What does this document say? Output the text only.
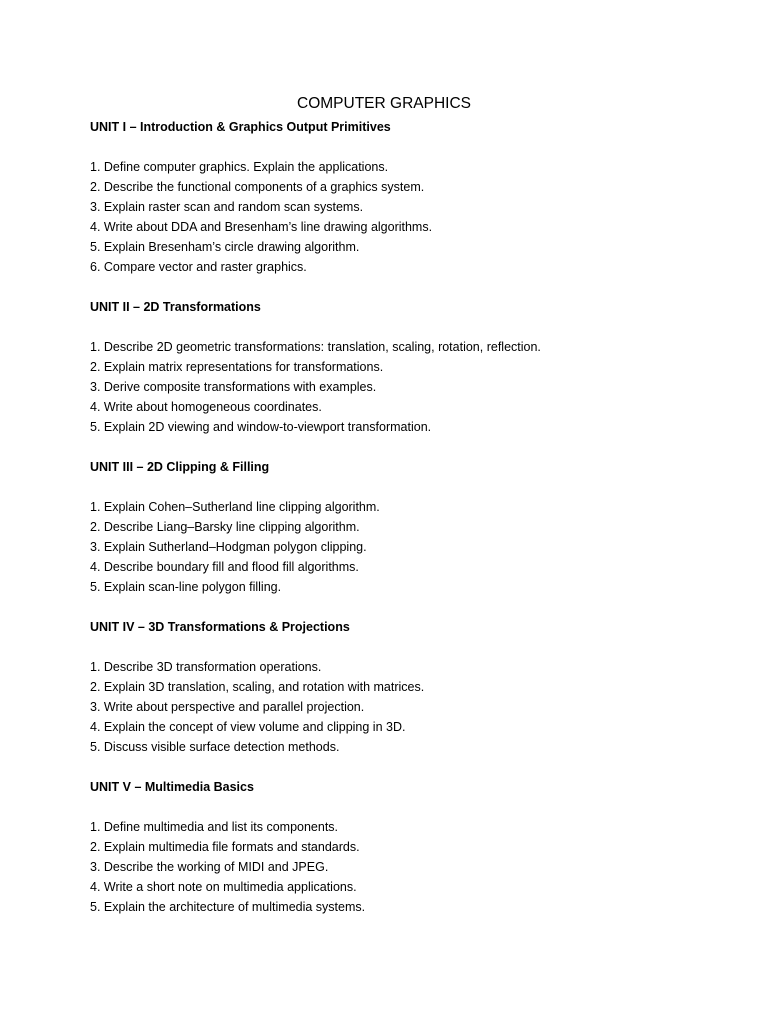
COMPUTER GRAPHICS
UNIT I – Introduction & Graphics Output Primitives
1. Define computer graphics. Explain the applications.
2. Describe the functional components of a graphics system.
3. Explain raster scan and random scan systems.
4. Write about DDA and Bresenham’s line drawing algorithms.
5. Explain Bresenham’s circle drawing algorithm.
6. Compare vector and raster graphics.
UNIT II – 2D Transformations
1. Describe 2D geometric transformations: translation, scaling, rotation, reflection.
2. Explain matrix representations for transformations.
3. Derive composite transformations with examples.
4. Write about homogeneous coordinates.
5. Explain 2D viewing and window-to-viewport transformation.
UNIT III – 2D Clipping & Filling
1. Explain Cohen–Sutherland line clipping algorithm.
2. Describe Liang–Barsky line clipping algorithm.
3. Explain Sutherland–Hodgman polygon clipping.
4. Describe boundary fill and flood fill algorithms.
5. Explain scan-line polygon filling.
UNIT IV – 3D Transformations & Projections
1. Describe 3D transformation operations.
2. Explain 3D translation, scaling, and rotation with matrices.
3. Write about perspective and parallel projection.
4. Explain the concept of view volume and clipping in 3D.
5. Discuss visible surface detection methods.
UNIT V – Multimedia Basics
1. Define multimedia and list its components.
2. Explain multimedia file formats and standards.
3. Describe the working of MIDI and JPEG.
4. Write a short note on multimedia applications.
5. Explain the architecture of multimedia systems.
